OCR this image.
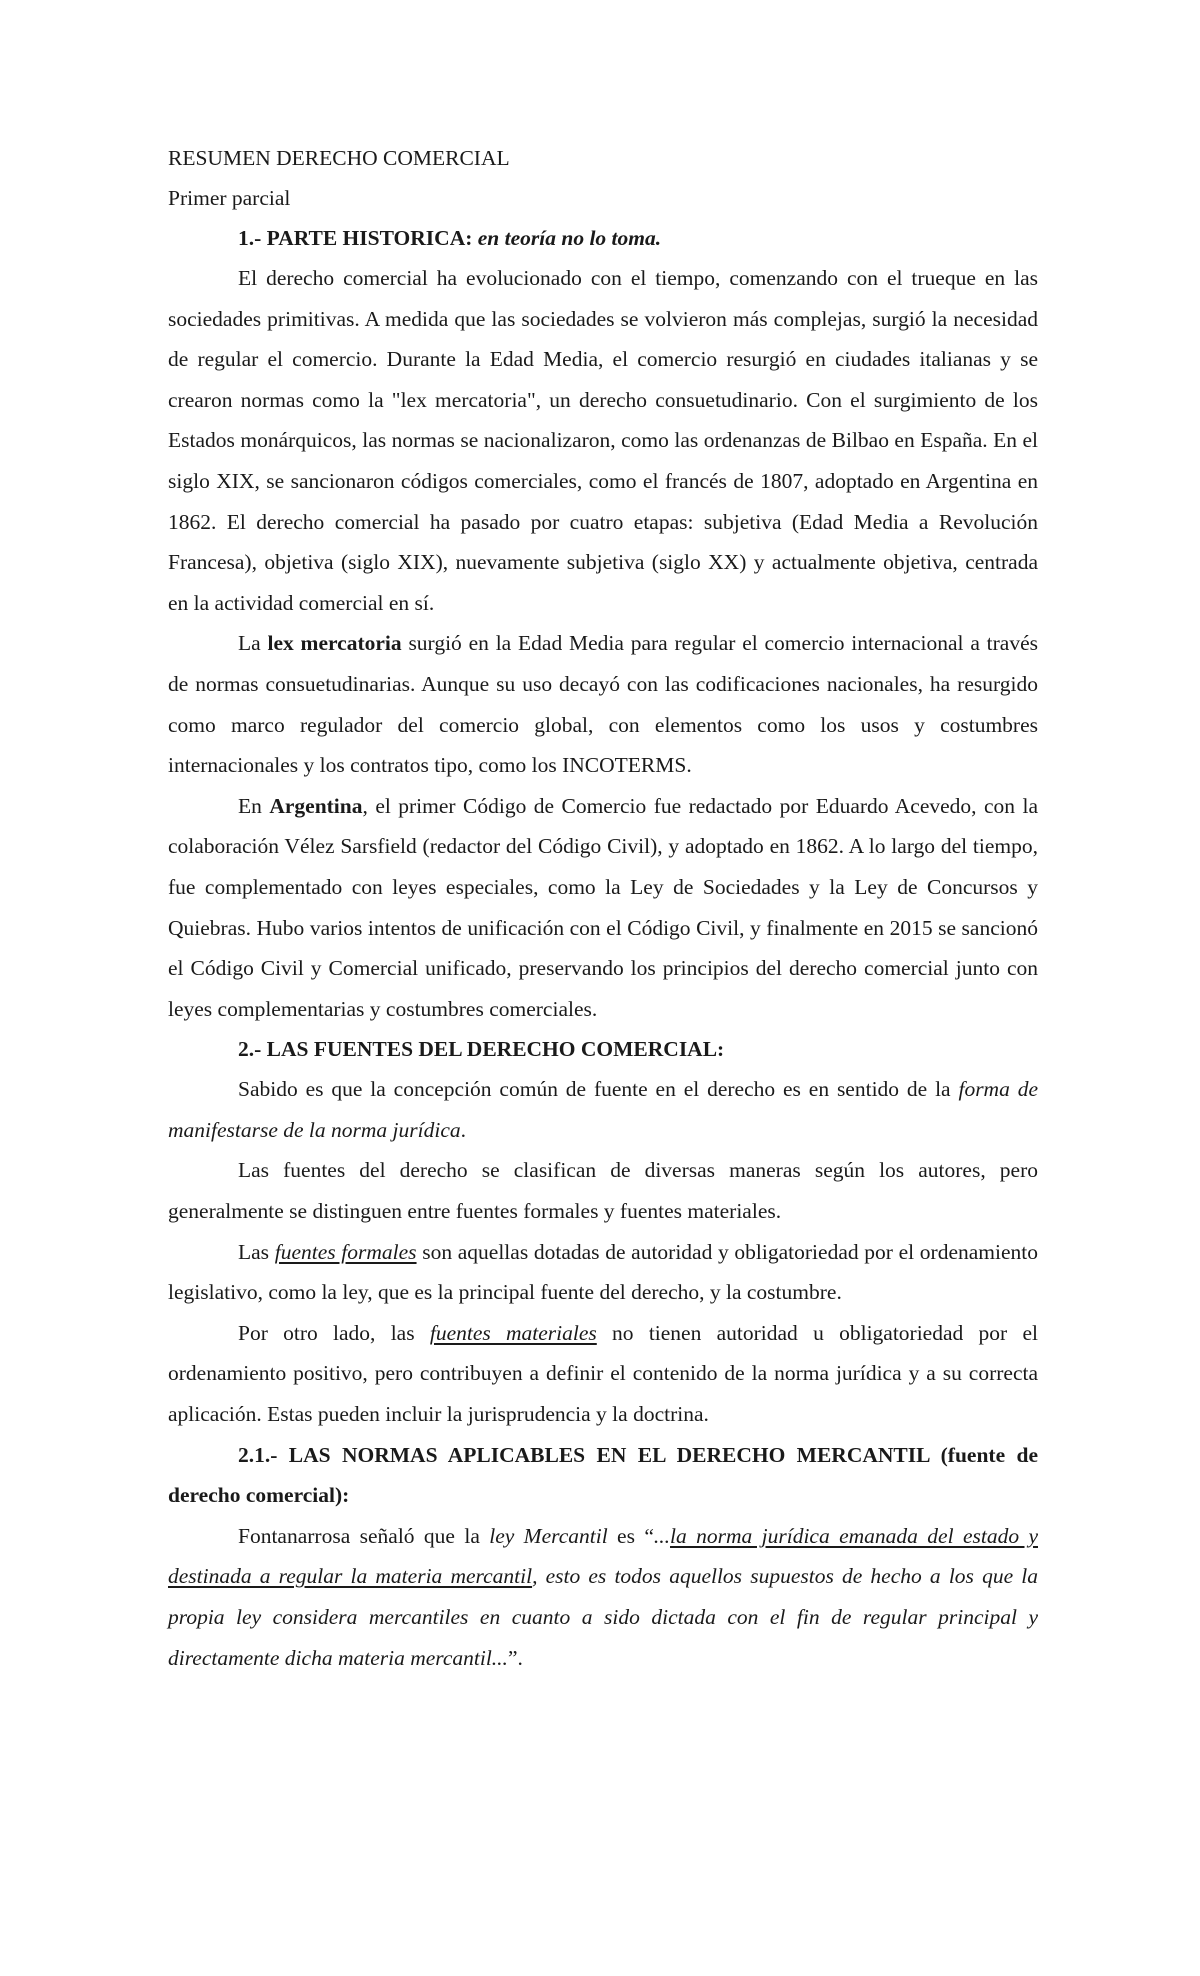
RESUMEN DERECHO COMERCIAL

Primer parcial

1.- PARTE HISTORICA: en teoría no lo toma.

El derecho comercial ha evolucionado con el tiempo, comenzando con el trueque en las sociedades primitivas. A medida que las sociedades se volvieron más complejas, surgió la necesidad de regular el comercio. Durante la Edad Media, el comercio resurgió en ciudades italianas y se crearon normas como la "lex mercatoria", un derecho consuetudinario. Con el surgimiento de los Estados monárquicos, las normas se nacionalizaron, como las ordenanzas de Bilbao en España. En el siglo XIX, se sancionaron códigos comerciales, como el francés de 1807, adoptado en Argentina en 1862. El derecho comercial ha pasado por cuatro etapas: subjetiva (Edad Media a Revolución Francesa), objetiva (siglo XIX), nuevamente subjetiva (siglo XX) y actualmente objetiva, centrada en la actividad comercial en sí.

La lex mercatoria surgió en la Edad Media para regular el comercio internacional a través de normas consuetudinarias. Aunque su uso decayó con las codificaciones nacionales, ha resurgido como marco regulador del comercio global, con elementos como los usos y costumbres internacionales y los contratos tipo, como los INCOTERMS.

En Argentina, el primer Código de Comercio fue redactado por Eduardo Acevedo, con la colaboración Vélez Sarsfield (redactor del Código Civil), y adoptado en 1862. A lo largo del tiempo, fue complementado con leyes especiales, como la Ley de Sociedades y la Ley de Concursos y Quiebras. Hubo varios intentos de unificación con el Código Civil, y finalmente en 2015 se sancionó el Código Civil y Comercial unificado, preservando los principios del derecho comercial junto con leyes complementarias y costumbres comerciales.

2.- LAS FUENTES DEL DERECHO COMERCIAL:

Sabido es que la concepción común de fuente en el derecho es en sentido de la forma de manifestarse de la norma jurídica.

Las fuentes del derecho se clasifican de diversas maneras según los autores, pero generalmente se distinguen entre fuentes formales y fuentes materiales.

Las fuentes formales son aquellas dotadas de autoridad y obligatoriedad por el ordenamiento legislativo, como la ley, que es la principal fuente del derecho, y la costumbre.

Por otro lado, las fuentes materiales no tienen autoridad u obligatoriedad por el ordenamiento positivo, pero contribuyen a definir el contenido de la norma jurídica y a su correcta aplicación. Estas pueden incluir la jurisprudencia y la doctrina.

2.1.- LAS NORMAS APLICABLES EN EL DERECHO MERCANTIL (fuente de derecho comercial):

Fontanarrosa señaló que la ley Mercantil es “...la norma jurídica emanada del estado y destinada a regular la materia mercantil, esto es todos aquellos supuestos de hecho a los que la propia ley considera mercantiles en cuanto a sido dictada con el fin de regular principal y directamente dicha materia mercantil...”.
